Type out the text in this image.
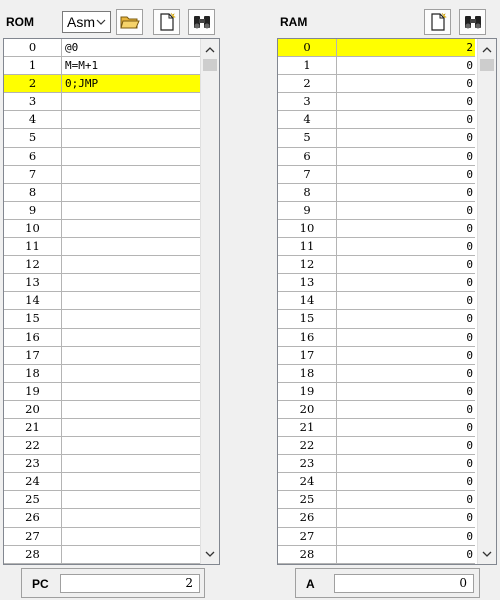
ROM Asm
0	@0
1	M=M+1
2	0;JMP
3
4
5
6
7
8
9
10
11
12
13
14
15
16
17
18
19
20
21
22
23
24
25
26
27
28
RAM
0	2
1	0
2	0
3	0
4	0
5	0
6	0
7	0
8	0
9	0
10	0
11	0
12	0
13	0
14	0
15	0
16	0
17	0
18	0
19	0
20	0
21	0
22	0
23	0
24	0
25	0
26	0
27	0
28	0
PC	2	A	0
